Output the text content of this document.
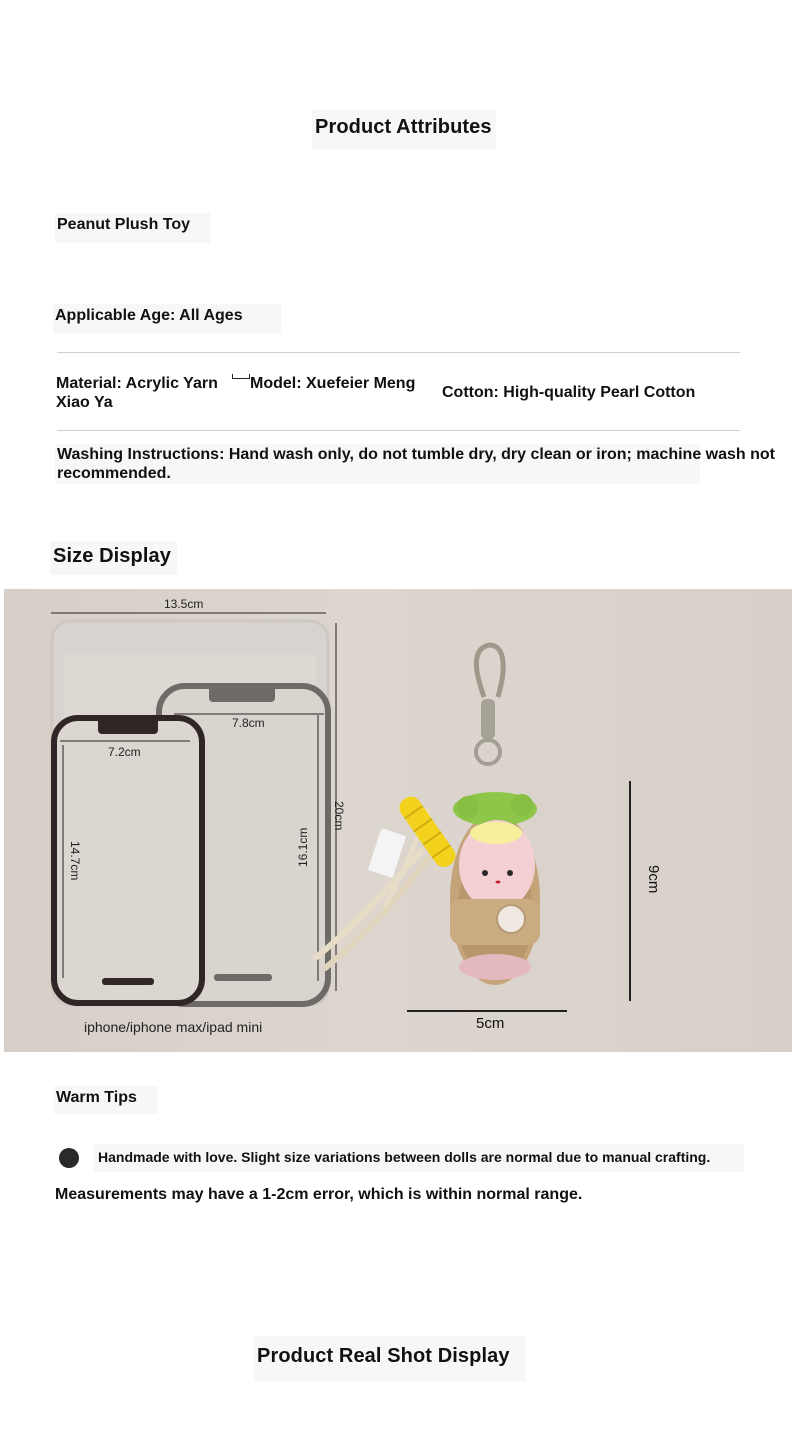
Product Attributes
Peanut Plush Toy
Applicable Age: All Ages
Material: Acrylic Yarn Model: Xuefeier Meng
Xiao Ya
Cotton: High-quality Pearl Cotton
Washing Instructions: Hand wash only, do not tumble dry, dry clean or iron; machine wash not
recommended.
Size Display
13.5cm
7.8cm
7.2cm
20cm
16.1cm
14.7cm
iphone/iphone max/ipad mini
9cm
5cm
Warm Tips
Handmade with love. Slight size variations between dolls are normal due to manual crafting.
Measurements may have a 1-2cm error, which is within normal range.
Product Real Shot Display
